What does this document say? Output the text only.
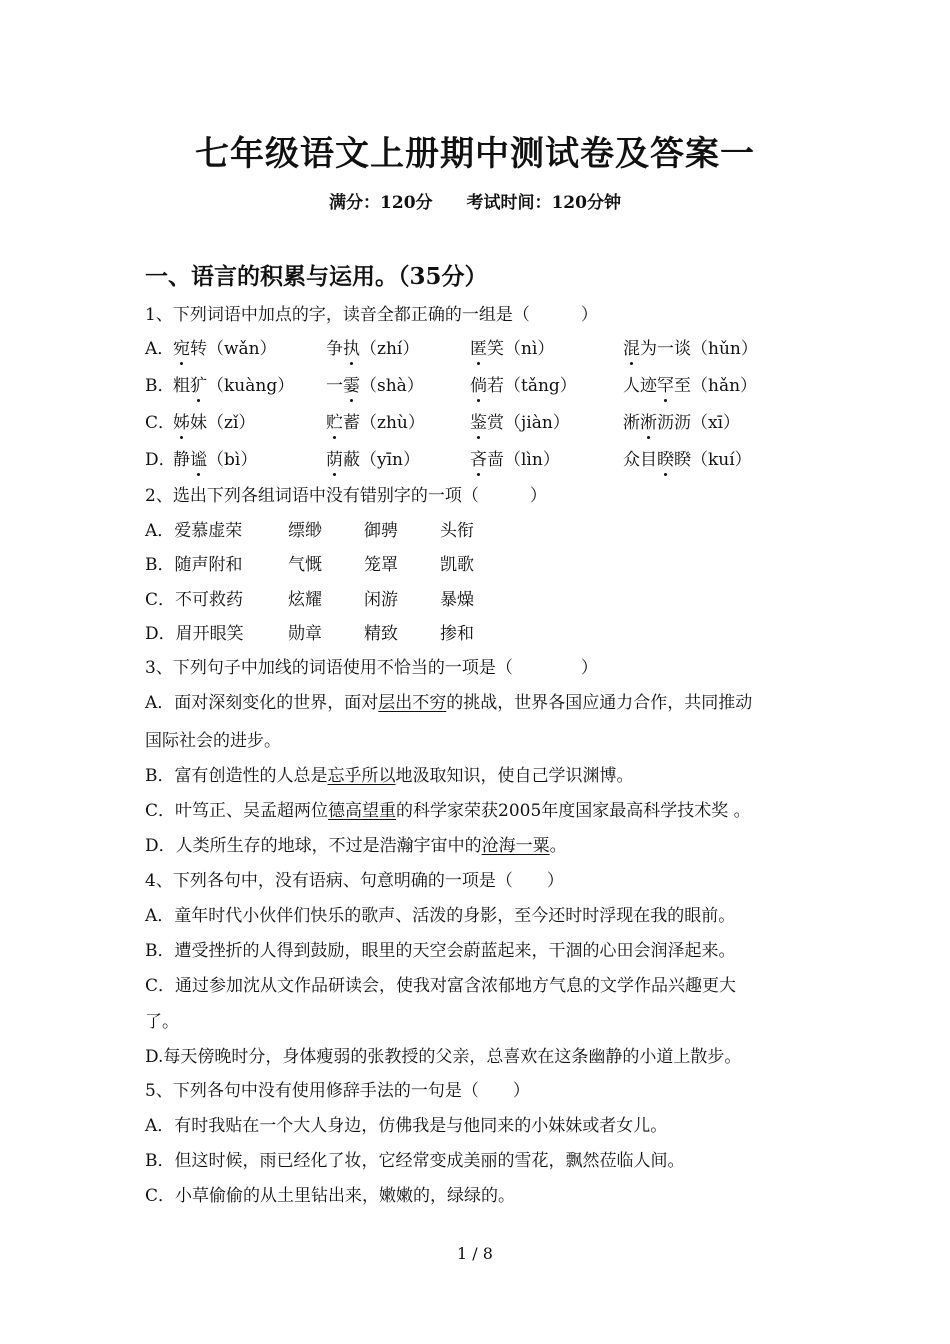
七年级语文上册期中测试卷及答案一
满分：120分 考试时间：120分钟
一、语言的积累与运用。（35分）
1、下列词语中加点的字，读音全都正确的一组是（　　　）
A．
宛转（wǎn）	争执（zhí）	匿笑（nì）	混为一谈（hǔn）
B．
粗犷（kuàng） 一霎（shà）	倘若（tǎng）	人迹罕至（hǎn）
C．
姊妹（zǐ）	贮蓄（zhù）	鉴赏（jiàn）	淅淅沥沥（xī）
D．
静谧（bì）	荫蔽（yīn）	吝啬（lìn）	众目睽睽（kuí）
2、选出下列各组词语中没有错别字的一项（　　　）
A．爱慕虚荣	缥缈 御骋 头衔
B．随声附和	气慨 笼罩 凯歌
C．不可救药	炫耀 闲游 暴燥
D．眉开眼笑	勋章 精致 掺和
3、下列句子中加线的词语使用不恰当的一项是（　　　　）
A．面对深刻变化的世界，面对层出不穷的挑战，世界各国应通力合作，共同推动
国际社会的进步。
B．富有创造性的人总是忘乎所以地汲取知识，使自己学识渊博。
C．叶笃正、吴孟超两位德高望重的科学家荣获2005年度国家最高科学技术奖 。
D．人类所生存的地球，不过是浩瀚宇宙中的沧海一粟。
4、下列各句中，没有语病、句意明确的一项是（　　）
A．童年时代小伙伴们快乐的歌声、活泼的身影，至今还时时浮现在我的眼前。
B．遭受挫折的人得到鼓励，眼里的天空会蔚蓝起来，干涸的心田会润泽起来。
C．通过参加沈从文作品研读会，使我对富含浓郁地方气息的文学作品兴趣更大
了。
D.每天傍晚时分，身体瘦弱的张教授的父亲，总喜欢在这条幽静的小道上散步。
5、下列各句中没有使用修辞手法的一句是（　　）
A．有时我贴在一个大人身边，仿佛我是与他同来的小妹妹或者女儿。
B．但这时候，雨已经化了妆，它经常变成美丽的雪花，飘然莅临人间。
C．小草偷偷的从土里钻出来，嫩嫩的，绿绿的。
1 / 8
